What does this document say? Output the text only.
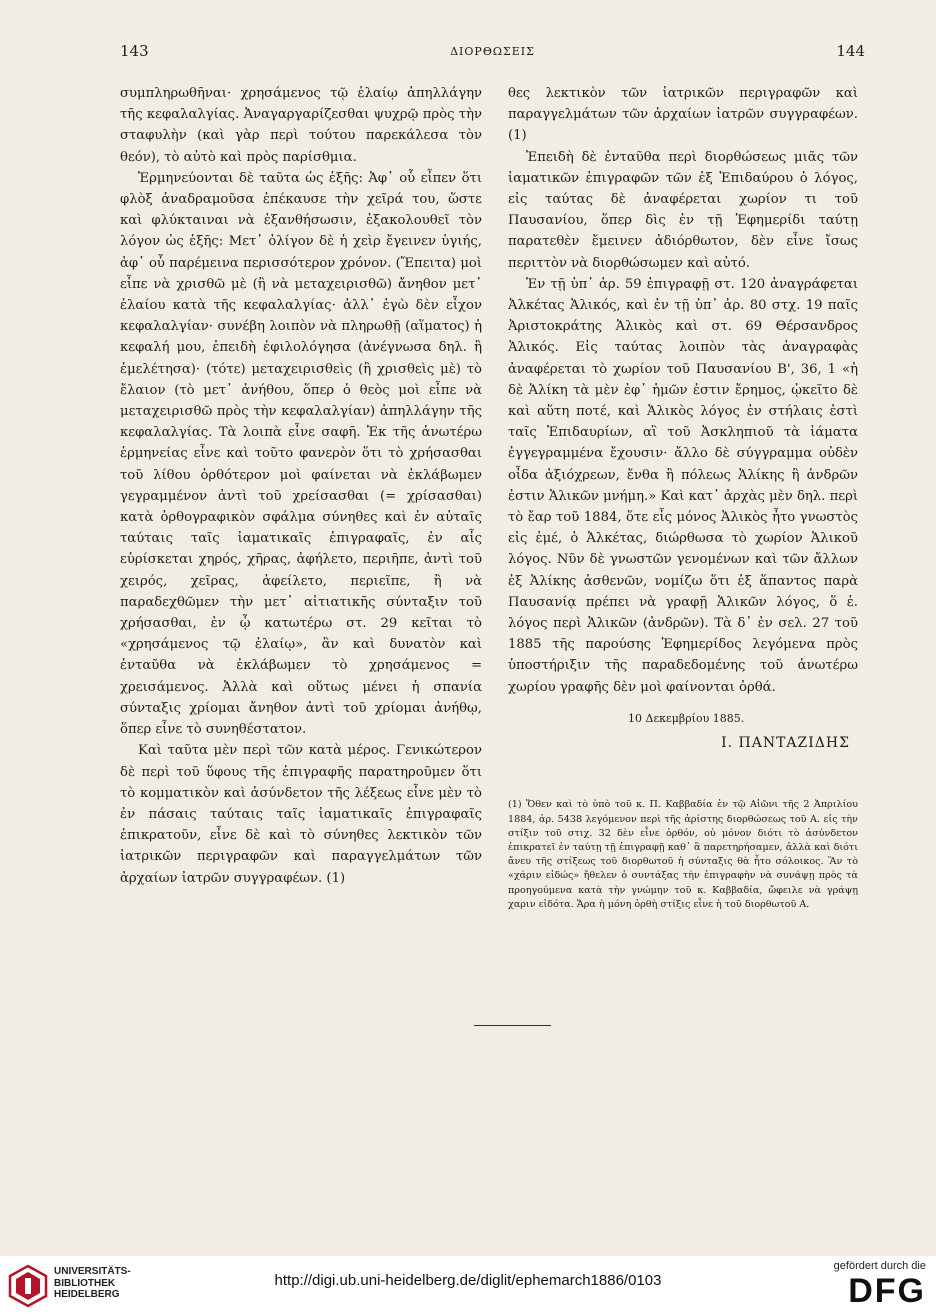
143	ΔΙΟΡΘΩΣΕΙΣ	144

συμπληρωθῆναι· χρησάμενος τῷ ἐλαίῳ ἀπηλλάγην τῆς κεφαλαλγίας. Ἀναγαργαρίζεσθαι ψυχρῷ πρὸς τὴν σταφυλὴν (καὶ γὰρ περὶ τούτου παρεκάλεσα τὸν θεόν), τὸ αὐτὸ καὶ πρὸς παρίσθμια.

Ἑρμηνεύονται δὲ ταῦτα ὡς ἑξῆς: Ἀφ᾽ οὗ εἶπεν ὅτι φλὸξ ἀναδραμοῦσα ἐπέκαυσε τὴν χεῖρά του, ὥστε καὶ φλύκταιναι νὰ ἐξανθήσωσιν, ἐξακολουθεῖ τὸν λόγον ὡς ἑξῆς: Μετ᾽ ὀλίγον δὲ ἡ χεὶρ ἔγεινεν ὑγιής, ἀφ᾽ οὗ παρέμεινα περισσότερον χρόνον. (Ἔπειτα) μοὶ εἶπε νὰ χρισθῶ μὲ (ἢ νὰ μεταχειρισθῶ) ἄνηθον μετ᾽ ἐλαίου κατὰ τῆς κεφαλαλγίας· ἀλλ᾽ ἐγὼ δὲν εἶχον κεφαλαλγίαν· συνέβη λοιπὸν νὰ πληρωθῇ (αἵματος) ἡ κεφαλή μου, ἐπειδὴ ἐφιλολόγησα (ἀνέγνωσα δηλ. ἢ ἐμελέτησα)· (τότε) μεταχειρισθεὶς (ἢ χρισθεὶς μὲ) τὸ ἔλαιον (τὸ μετ᾽ ἀνήθου, ὅπερ ὁ θεὸς μοὶ εἶπε νὰ μεταχειρισθῶ πρὸς τὴν κεφαλαλγίαν) ἀπηλλάγην τῆς κεφαλαλγίας. Τὰ λοιπὰ εἶνε σαφῆ. Ἐκ τῆς ἀνωτέρω ἑρμηνείας εἶνε καὶ τοῦτο φανερὸν ὅτι τὸ χρήσασθαι τοῦ λίθου ὀρθότερον μοὶ φαίνεται νὰ ἐκλάβωμεν γεγραμμένον ἀντὶ τοῦ χρείσασθαι (= χρίσασθαι) κατὰ ὀρθογραφικὸν σφάλμα σύνηθες καὶ ἐν αὐταῖς ταύταις ταῖς ἰαματικαῖς ἐπιγραφαῖς, ἐν αἷς εὑρίσκεται χηρός, χῆρας, ἀφήλετο, περιῆπε, ἀντὶ τοῦ χειρός, χεῖρας, ἀφείλετο, περιεῖπε, ἢ νὰ παραδεχθῶμεν τὴν μετ᾽ αἰτιατικῆς σύνταξιν τοῦ χρήσασθαι, ἐν ᾧ κατωτέρω στ. 29 κεῖται τὸ «χρησάμενος τῷ ἐλαίῳ», ἂν καὶ δυνατὸν καὶ ἐνταῦθα νὰ ἐκλάβωμεν τὸ χρησάμενος = χρεισάμενος. Ἀλλὰ καὶ οὕτως μένει ἡ σπανία σύνταξις χρίομαι ἄνηθον ἀντὶ τοῦ χρίομαι ἀνήθῳ, ὅπερ εἶνε τὸ συνηθέστατον.

Καὶ ταῦτα μὲν περὶ τῶν κατὰ μέρος. Γενικώτερον δὲ περὶ τοῦ ὕφους τῆς ἐπιγραφῆς παρατηροῦμεν ὅτι τὸ κομματικὸν καὶ ἀσύνδετον τῆς λέξεως εἶνε μὲν τὸ ἐν πάσαις ταύταις ταῖς ἰαματικαῖς ἐπιγραφαῖς ἐπικρατοῦν, εἶνε δὲ καὶ τὸ σύνηθες λεκτικὸν τῶν ἰατρικῶν περιγραφῶν καὶ παραγγελμάτων τῶν ἀρχαίων ἰατρῶν συγγραφέων. (1)

θες λεκτικὸν τῶν ἰατρικῶν περιγραφῶν καὶ παραγγελμάτων τῶν ἀρχαίων ἰατρῶν συγγραφέων. (1)

Ἐπειδὴ δὲ ἐνταῦθα περὶ διορθώσεως μιᾶς τῶν ἰαματικῶν ἐπιγραφῶν τῶν ἐξ Ἐπιδαύρου ὁ λόγος, εἰς ταύτας δὲ ἀναφέρεται χωρίον τι τοῦ Παυσανίου, ὅπερ δὶς ἐν τῇ Ἐφημερίδι ταύτῃ παρατεθὲν ἔμεινεν ἀδιόρθωτον, δὲν εἶνε ἴσως περιττὸν νὰ διορθώσωμεν καὶ αὐτό.

Ἐν τῇ ὑπ᾽ ἀρ. 59 ἐπιγραφῇ στ. 120 ἀναγράφεται Ἀλκέτας Ἁλικός, καὶ ἐν τῇ ὑπ᾽ ἀρ. 80 στχ. 19 παῖς Ἀριστοκράτης Ἁλικὸς καὶ στ. 69 Θέρσανδρος Ἁλικός. Εἰς ταύτας λοιπὸν τὰς ἀναγραφὰς ἀναφέρεται τὸ χωρίον τοῦ Παυσανίου Β', 36, 1 «ἡ δὲ Ἁλίκη τὰ μὲν ἐφ᾽ ἡμῶν ἐστιν ἔρημος, ᾠκεῖτο δὲ καὶ αὕτη ποτέ, καὶ Ἁλικὸς λόγος ἐν στήλαις ἐστὶ ταῖς Ἐπιδαυρίων, αἳ τοῦ Ἀσκληπιοῦ τὰ ἰάματα ἐγγεγραμμένα ἔχουσιν· ἄλλο δὲ σύγγραμμα οὐδὲν οἶδα ἀξιόχρεων, ἔνθα ἢ πόλεως Ἁλίκης ἢ ἀνδρῶν ἐστιν Ἁλικῶν μνήμη.» Καὶ κατ᾽ ἀρχὰς μὲν δηλ. περὶ τὸ ἔαρ τοῦ 1884, ὅτε εἷς μόνος Ἁλικὸς ἦτο γνωστὸς εἰς ἐμέ, ὁ Ἀλκέτας, διώρθωσα τὸ χωρίον Ἁλικοῦ λόγος. Νῦν δὲ γνωστῶν γενομένων καὶ τῶν ἄλλων ἐξ Ἁλίκης ἀσθενῶν, νομίζω ὅτι ἐξ ἅπαντος παρὰ Παυσανίᾳ πρέπει νὰ γραφῇ Ἁλικῶν λόγος, ὅ ἐ. λόγος περὶ Ἁλικῶν (ἀνδρῶν). Τὰ δ᾽ ἐν σελ. 27 τοῦ 1885 τῆς παρούσης Ἐφημερίδος λεγόμενα πρὸς ὑποστήριξιν τῆς παραδεδομένης τοῦ ἀνωτέρω χωρίου γραφῆς δὲν μοὶ φαίνονται ὀρθά.

10 Δεκεμβρίου 1885.
Ι. ΠΑΝΤΑΖΙΔΗΣ
(1) Ὅθεν καὶ τὸ ὑπὸ τοῦ κ. Π. Καββαδία ἐν τῷ Αἰῶνι τῆς 2 Ἀπριλίου 1884, ἀρ. 5438 λεγόμενον περὶ τῆς ἀρίστης διορθώσεως τοῦ Α. εἰς τὴν στίξιν τοῦ στιχ. 32 δὲν εἶνε ὀρθόν, οὐ μόνον διότι τὸ ἀσύνδετον ἐπικρατεῖ ἐν ταύτῃ τῇ ἐπιγραφῇ καθ᾽ ἃ παρετηρήσαμεν, ἀλλὰ καὶ διότι ἄνευ τῆς στίξεως τοῦ διορθωτοῦ ἡ σύνταξις θὰ ἦτο σόλοικος. Ἂν τὸ «χάριν εἰδώς» ἤθελεν ὁ συντάξας τὴν ἐπιγραφὴν νὰ συνάψῃ πρὸς τὰ προηγούμενα κατὰ τὴν γνώμην τοῦ κ. Καββαδία, ὤφειλε νὰ γράψῃ χαριν εἰδότα. Ἄρα ἡ μόνη ὀρθὴ στίξις εἶνε ἡ τοῦ διορθωτοῦ Α.
UNIVERSITÄTS-
BIBLIOTHEK
HEIDELBERG
http://digi.ub.uni-heidelberg.de/diglit/ephemarch1886/0103
gefördert durch die
DFG
